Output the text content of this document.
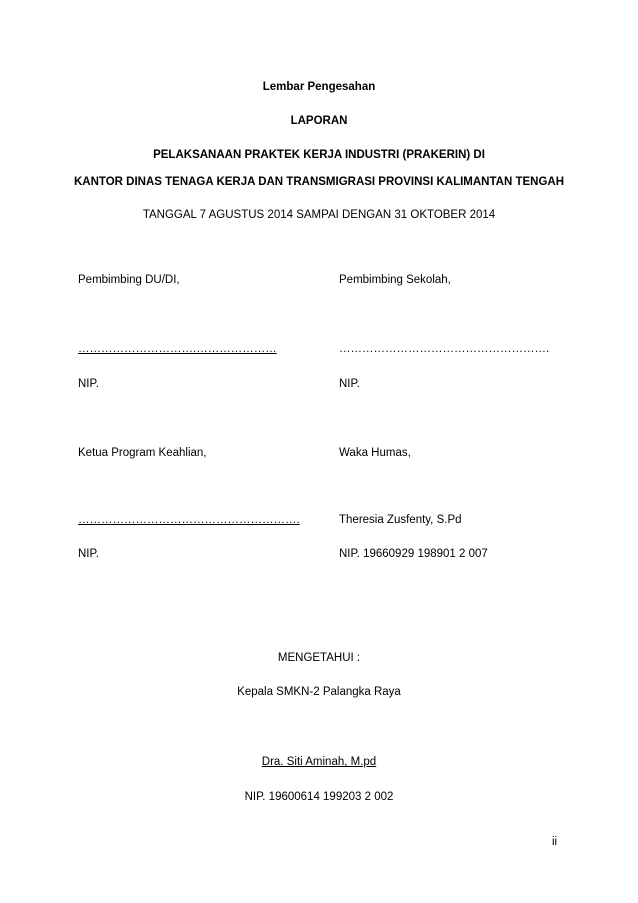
Lembar Pengesahan
LAPORAN
PELAKSANAAN PRAKTEK KERJA INDUSTRI (PRAKERIN) DI
KANTOR DINAS TENAGA KERJA DAN TRANSMIGRASI PROVINSI KALIMANTAN TENGAH
TANGGAL 7 AGUSTUS 2014 SAMPAI DENGAN 31 OKTOBER 2014
Pembimbing DU/DI,	Pembimbing Sekolah,
………………………….…………………	……………………………………………….
NIP.	NIP.
Ketua Program Keahlian,	Waka Humas,
………………………………………………….	Theresia Zusfenty, S.Pd
NIP.	NIP. 19660929 198901 2 007
MENGETAHUI :
Kepala SMKN-2 Palangka Raya
Dra. Siti Aminah, M.pd
NIP. 19600614 199203 2 002
ii
